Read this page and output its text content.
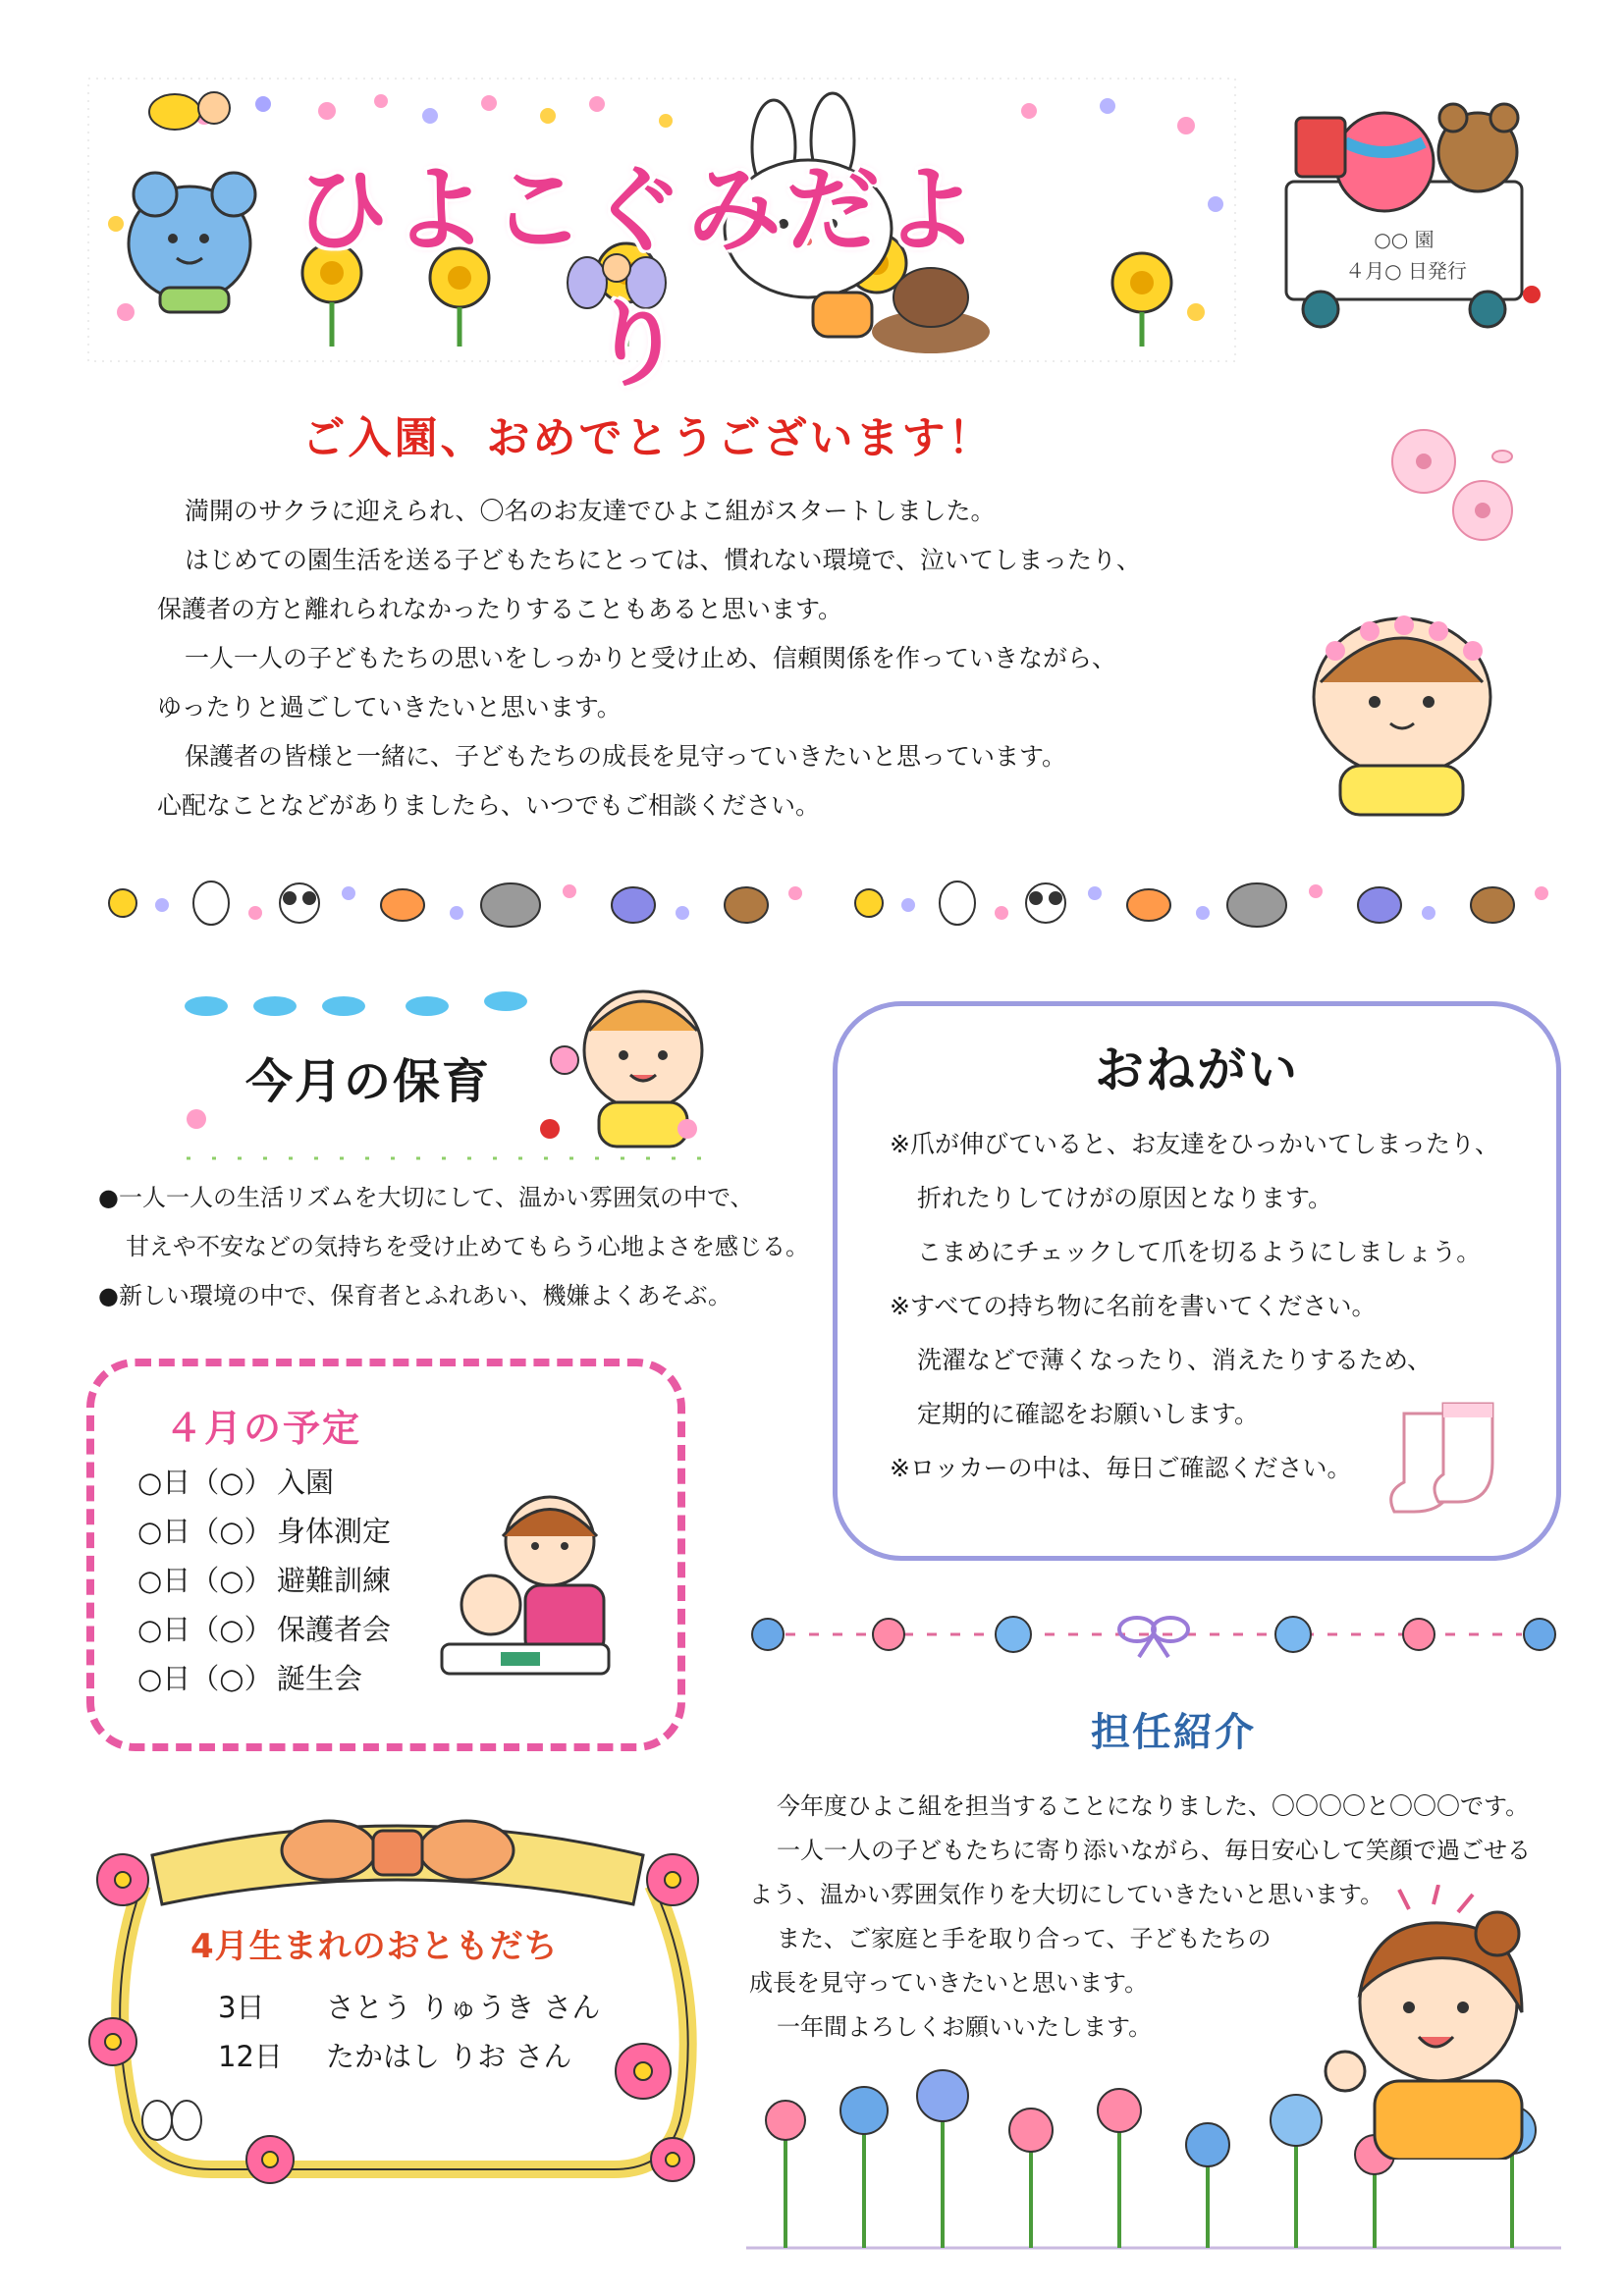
ひよこぐみだより
○○ 園
４月○ 日発行
ご入園、おめでとうございます！
満開のサクラに迎えられ、〇名のお友達でひよこ組がスタートしました。
はじめての園生活を送る子どもたちにとっては、慣れない環境で、泣いてしまったり、
保護者の方と離れられなかったりすることもあると思います。
一人一人の子どもたちの思いをしっかりと受け止め、信頼関係を作っていきながら、
ゆったりと過ごしていきたいと思います。
保護者の皆様と一緒に、子どもたちの成長を見守っていきたいと思っています。
心配なことなどがありましたら、いつでもご相談ください。
今月の保育
●一人一人の生活リズムを大切にして、温かい雰囲気の中で、
甘えや不安などの気持ちを受け止めてもらう心地よさを感じる。
●新しい環境の中で、保育者とふれあい、機嫌よくあそぶ。
４月の予定
○日（○） 入園
○日（○） 身体測定
○日（○） 避難訓練
○日（○） 保護者会
○日（○） 誕生会
おねがい
※爪が伸びていると、お友達をひっかいてしまったり、
折れたりしてけがの原因となります。
こまめにチェックして爪を切るようにしましょう。
※すべての持ち物に名前を書いてください。
洗濯などで薄くなったり、消えたりするため、
定期的に確認をお願いします。
※ロッカーの中は、毎日ご確認ください。
担任紹介
今年度ひよこ組を担当することになりました、〇〇〇〇と〇〇〇です。
一人一人の子どもたちに寄り添いながら、毎日安心して笑顔で過ごせる
よう、温かい雰囲気作りを大切にしていきたいと思います。
また、ご家庭と手を取り合って、子どもたちの
成長を見守っていきたいと思います。
一年間よろしくお願いいたします。
4月生まれのおともだち
3日 さとう りゅうき さん
12日 たかはし りお さん
